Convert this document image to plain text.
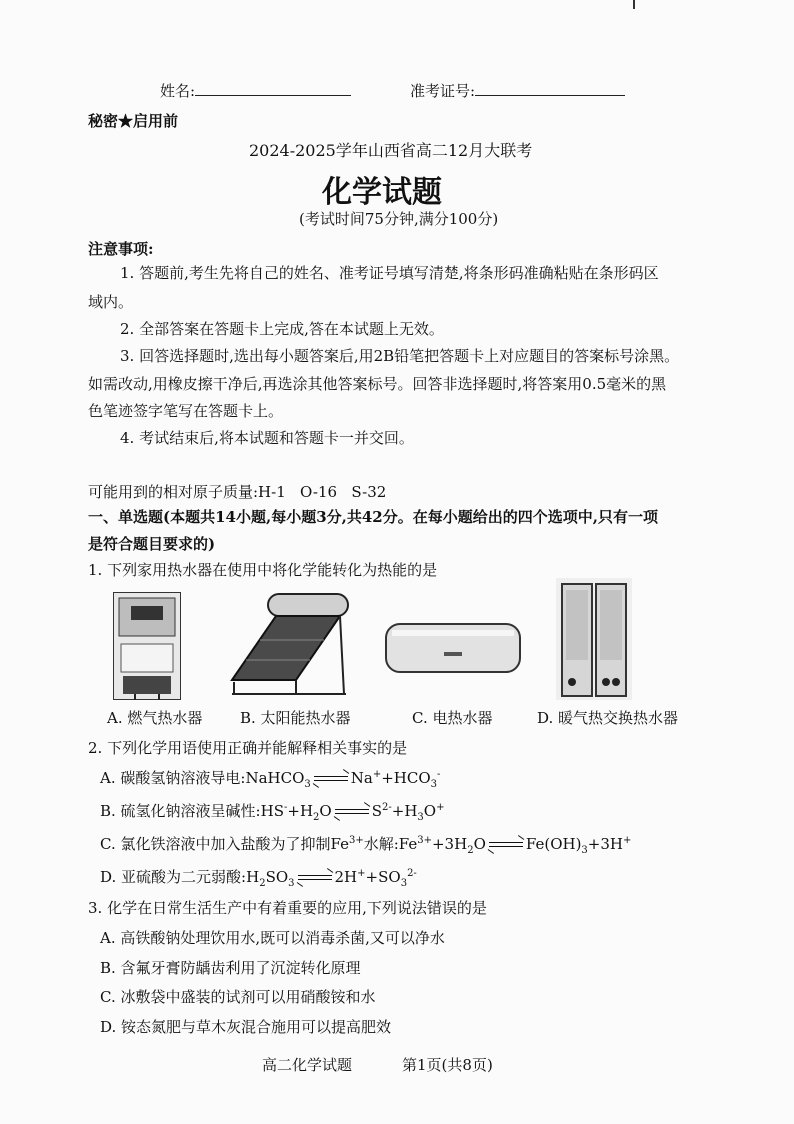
姓名:	准考证号:
秘密★启用前
2024-2025学年山西省高二12月大联考
化学试题
(考试时间75分钟,满分100分)
注意事项:
1. 答题前,考生先将自己的姓名、准考证号填写清楚,将条形码准确粘贴在条形码区
域内。
2. 全部答案在答题卡上完成,答在本试题上无效。
3. 回答选择题时,选出每小题答案后,用2B铅笔把答题卡上对应题目的答案标号涂黑。
如需改动,用橡皮擦干净后,再选涂其他答案标号。回答非选择题时,将答案用0.5毫米的黑
色笔迹签字笔写在答题卡上。
4. 考试结束后,将本试题和答题卡一并交回。
可能用到的相对原子质量:H-1   O-16   S-32
一、单选题(本题共14小题,每小题3分,共42分。在每小题给出的四个选项中,只有一项
是符合题目要求的)
1. 下列家用热水器在使用中将化学能转化为热能的是
A. 燃气热水器	B. 太阳能热水器	C. 电热水器	D. 暖气热交换热水器
2. 下列化学用语使用正确并能解释相关事实的是
A. 碳酸氢钠溶液导电:NaHCO$_3$	$Na^++HCO_3^-$
B. 硫氢化钠溶液呈碱性$:HS^-+H_2O$	$S^{2-}+H_3O^+$
C. 氯化铁溶液中加入盐酸为了抑制$Fe^{3+}$水解$:Fe^{3+}+3H_2O$	$Fe(OH)_3+3H^+$
D. 亚硫酸为二元弱酸$:H_2SO_3$	$2H^++SO_3^{2-}$
3. 化学在日常生活生产中有着重要的应用,下列说法错误的是
A. 高铁酸钠处理饮用水,既可以消毒杀菌,又可以净水
B. 含氟牙膏防龋齿利用了沉淀转化原理
C. 冰敷袋中盛装的试剂可以用硝酸铵和水
D. 铵态氮肥与草木灰混合施用可以提高肥效
高二化学试题	第1页(共8页)
